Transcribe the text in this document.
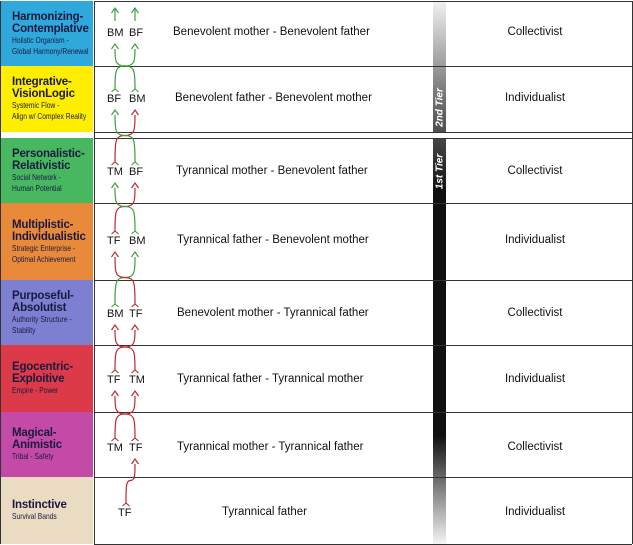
Harmonizing-Contemplative
Holistic Organism -
Global Harmony/Renewal
BM BF	Benevolent mother - Benevolent father	Collectivist
Integrative-VisionLogic
Systemic Flow -
Align w/ Complex Reality
BF BM	Benevolent father - Benevolent mother	Individualist
Personalistic-Relativistic
Social Network -
Human Potential
TM BF	Tyrannical mother - Benevolent father	Collectivist
Multiplistic-Individualistic
Strategic Enterprise -
Optimal Achievement
TF BM	Tyrannical father - Benevolent mother	Individualist
Purposeful-Absolutist
Authority Structure -
Stability
BM TF	Benevolent mother - Tyrannical father	Collectivist
Egocentric-Exploitive
Empire - Power
TF TM	Tyrannical father - Tyrannical mother	Individualist
Magical-Animistic
Tribal - Safety
TM TF	Tyrannical mother - Tyrannical father	Collectivist
Instinctive
Survival Bands	TF	Tyrannical father	Individualist
2nd Tier
1st Tier
